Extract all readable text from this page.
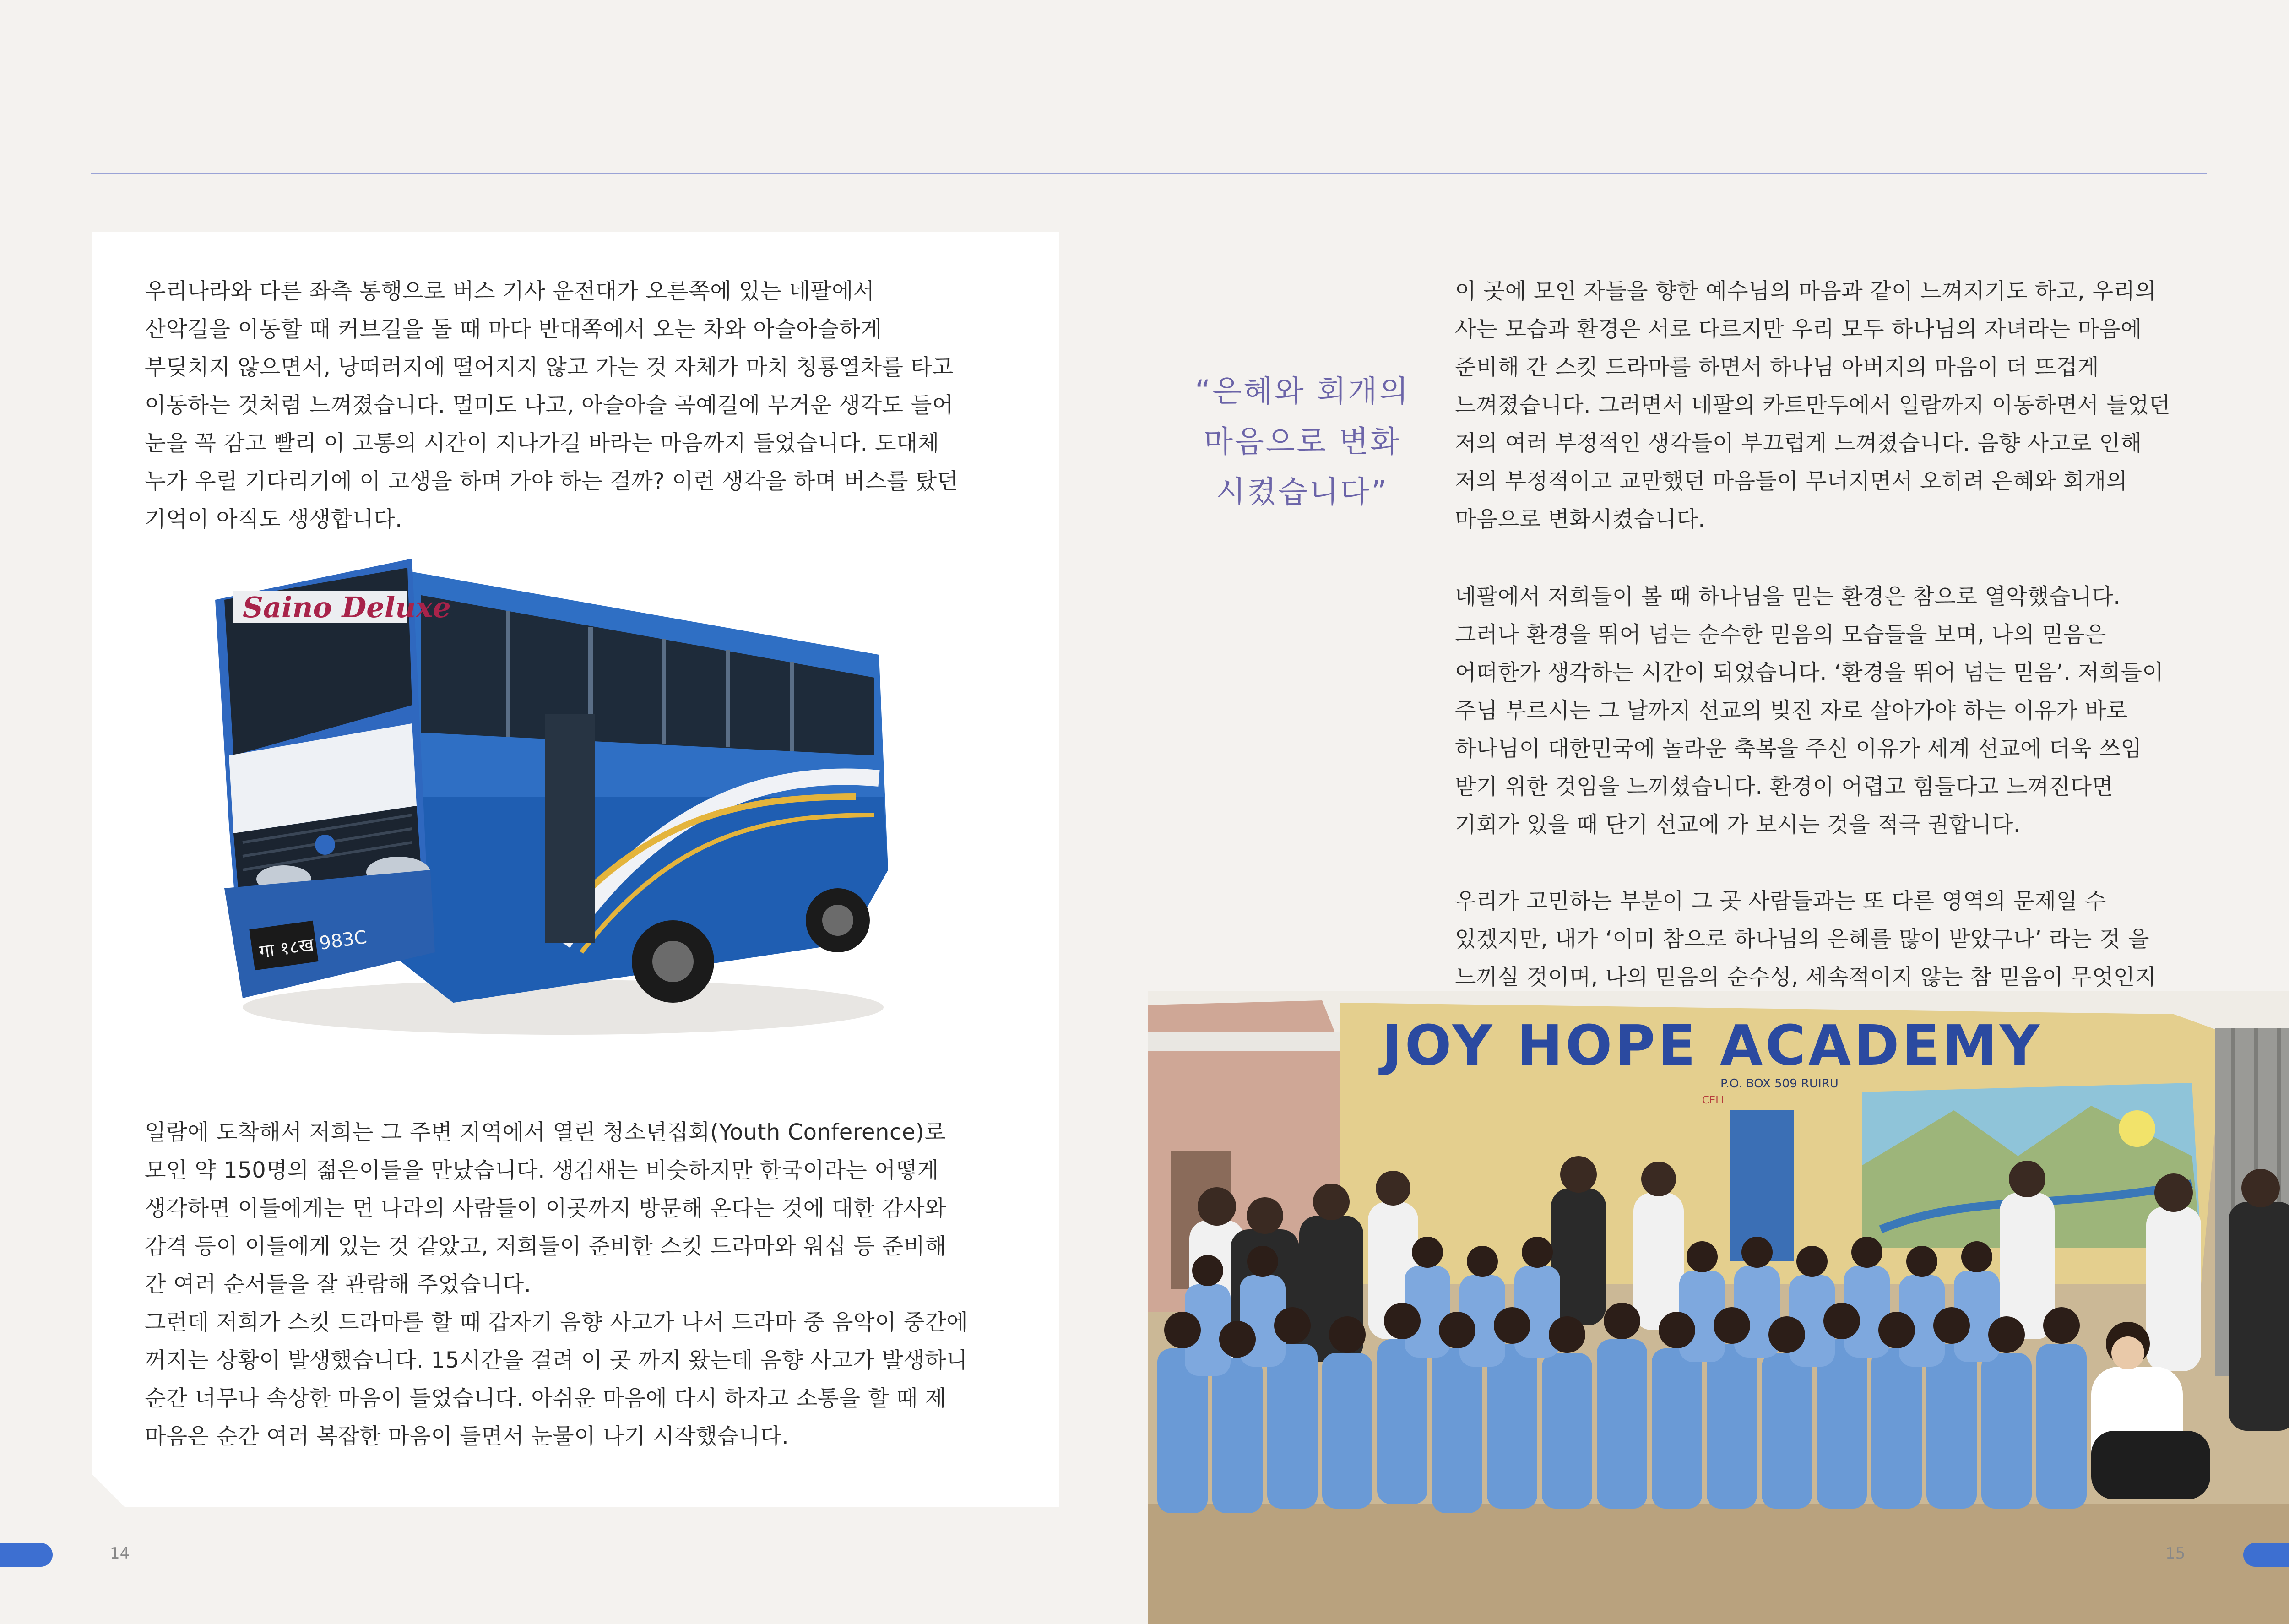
우리나라와 다른 좌측 통행으로 버스 기사 운전대가 오른쪽에 있는 네팔에서
산악길을 이동할 때 커브길을 돌 때 마다 반대쪽에서 오는 차와 아슬아슬하게
부딪치지 않으면서, 낭떠러지에 떨어지지 않고 가는 것 자체가 마치 청룡열차를 타고
이동하는 것처럼 느껴졌습니다. 멀미도 나고, 아슬아슬 곡예길에 무거운 생각도 들어
눈을 꼭 감고 빨리 이 고통의 시간이 지나가길 바라는 마음까지 들었습니다. 도대체
누가 우릴 기다리기에 이 고생을 하며 가야 하는 걸까? 이런 생각을 하며 버스를 탔던
기억이 아직도 생생합니다.
Saino Deluxe
गा १८ख 983C
일람에 도착해서 저희는 그 주변 지역에서 열린 청소년집회(Youth Conference)로
모인 약 150명의 젊은이들을 만났습니다. 생김새는 비슷하지만 한국이라는 어떻게
생각하면 이들에게는 먼 나라의 사람들이 이곳까지 방문해 온다는 것에 대한 감사와
감격 등이 이들에게 있는 것 같았고, 저희들이 준비한 스킷 드라마와 워십 등 준비해
간 여러 순서들을 잘 관람해 주었습니다.
그런데 저희가 스킷 드라마를 할 때 갑자기 음향 사고가 나서 드라마 중 음악이 중간에
꺼지는 상황이 발생했습니다. 15시간을 걸려 이 곳 까지 왔는데 음향 사고가 발생하니
순간 너무나 속상한 마음이 들었습니다. 아쉬운 마음에 다시 하자고 소통을 할 때 제
마음은 순간 여러 복잡한 마음이 들면서 눈물이 나기 시작했습니다.
14
“은혜와 회개의
마음으로 변화
시켰습니다”
이 곳에 모인 자들을 향한 예수님의 마음과 같이 느껴지기도 하고, 우리의
사는 모습과 환경은 서로 다르지만 우리 모두 하나님의 자녀라는 마음에
준비해 간 스킷 드라마를 하면서 하나님 아버지의 마음이 더 뜨겁게
느껴졌습니다. 그러면서 네팔의 카트만두에서 일람까지 이동하면서 들었던
저의 여러 부정적인 생각들이 부끄럽게 느껴졌습니다. 음향 사고로 인해
저의 부정적이고 교만했던 마음들이 무너지면서 오히려 은혜와 회개의
마음으로 변화시켰습니다.
네팔에서 저희들이 볼 때 하나님을 믿는 환경은 참으로 열악했습니다.
그러나 환경을 뛰어 넘는 순수한 믿음의 모습들을 보며, 나의 믿음은
어떠한가 생각하는 시간이 되었습니다. ‘환경을 뛰어 넘는 믿음’. 저희들이
주님 부르시는 그 날까지 선교의 빚진 자로 살아가야 하는 이유가 바로
하나님이 대한민국에 놀라운 축복을 주신 이유가 세계 선교에 더욱 쓰임
받기 위한 것임을 느끼셨습니다. 환경이 어렵고 힘들다고 느껴진다면
기회가 있을 때 단기 선교에 가 보시는 것을 적극 권합니다.
우리가 고민하는 부분이 그 곳 사람들과는 또 다른 영역의 문제일 수
있겠지만, 내가 ‘이미 참으로 하나님의 은혜를 많이 받았구나’ 라는 것 을
느끼실 것이며, 나의 믿음의 순수성, 세속적이지 않는 참 믿음이 무엇인지
JOY HOPE ACADEMY
P.O. BOX 509 RUIRU
CELL
15
